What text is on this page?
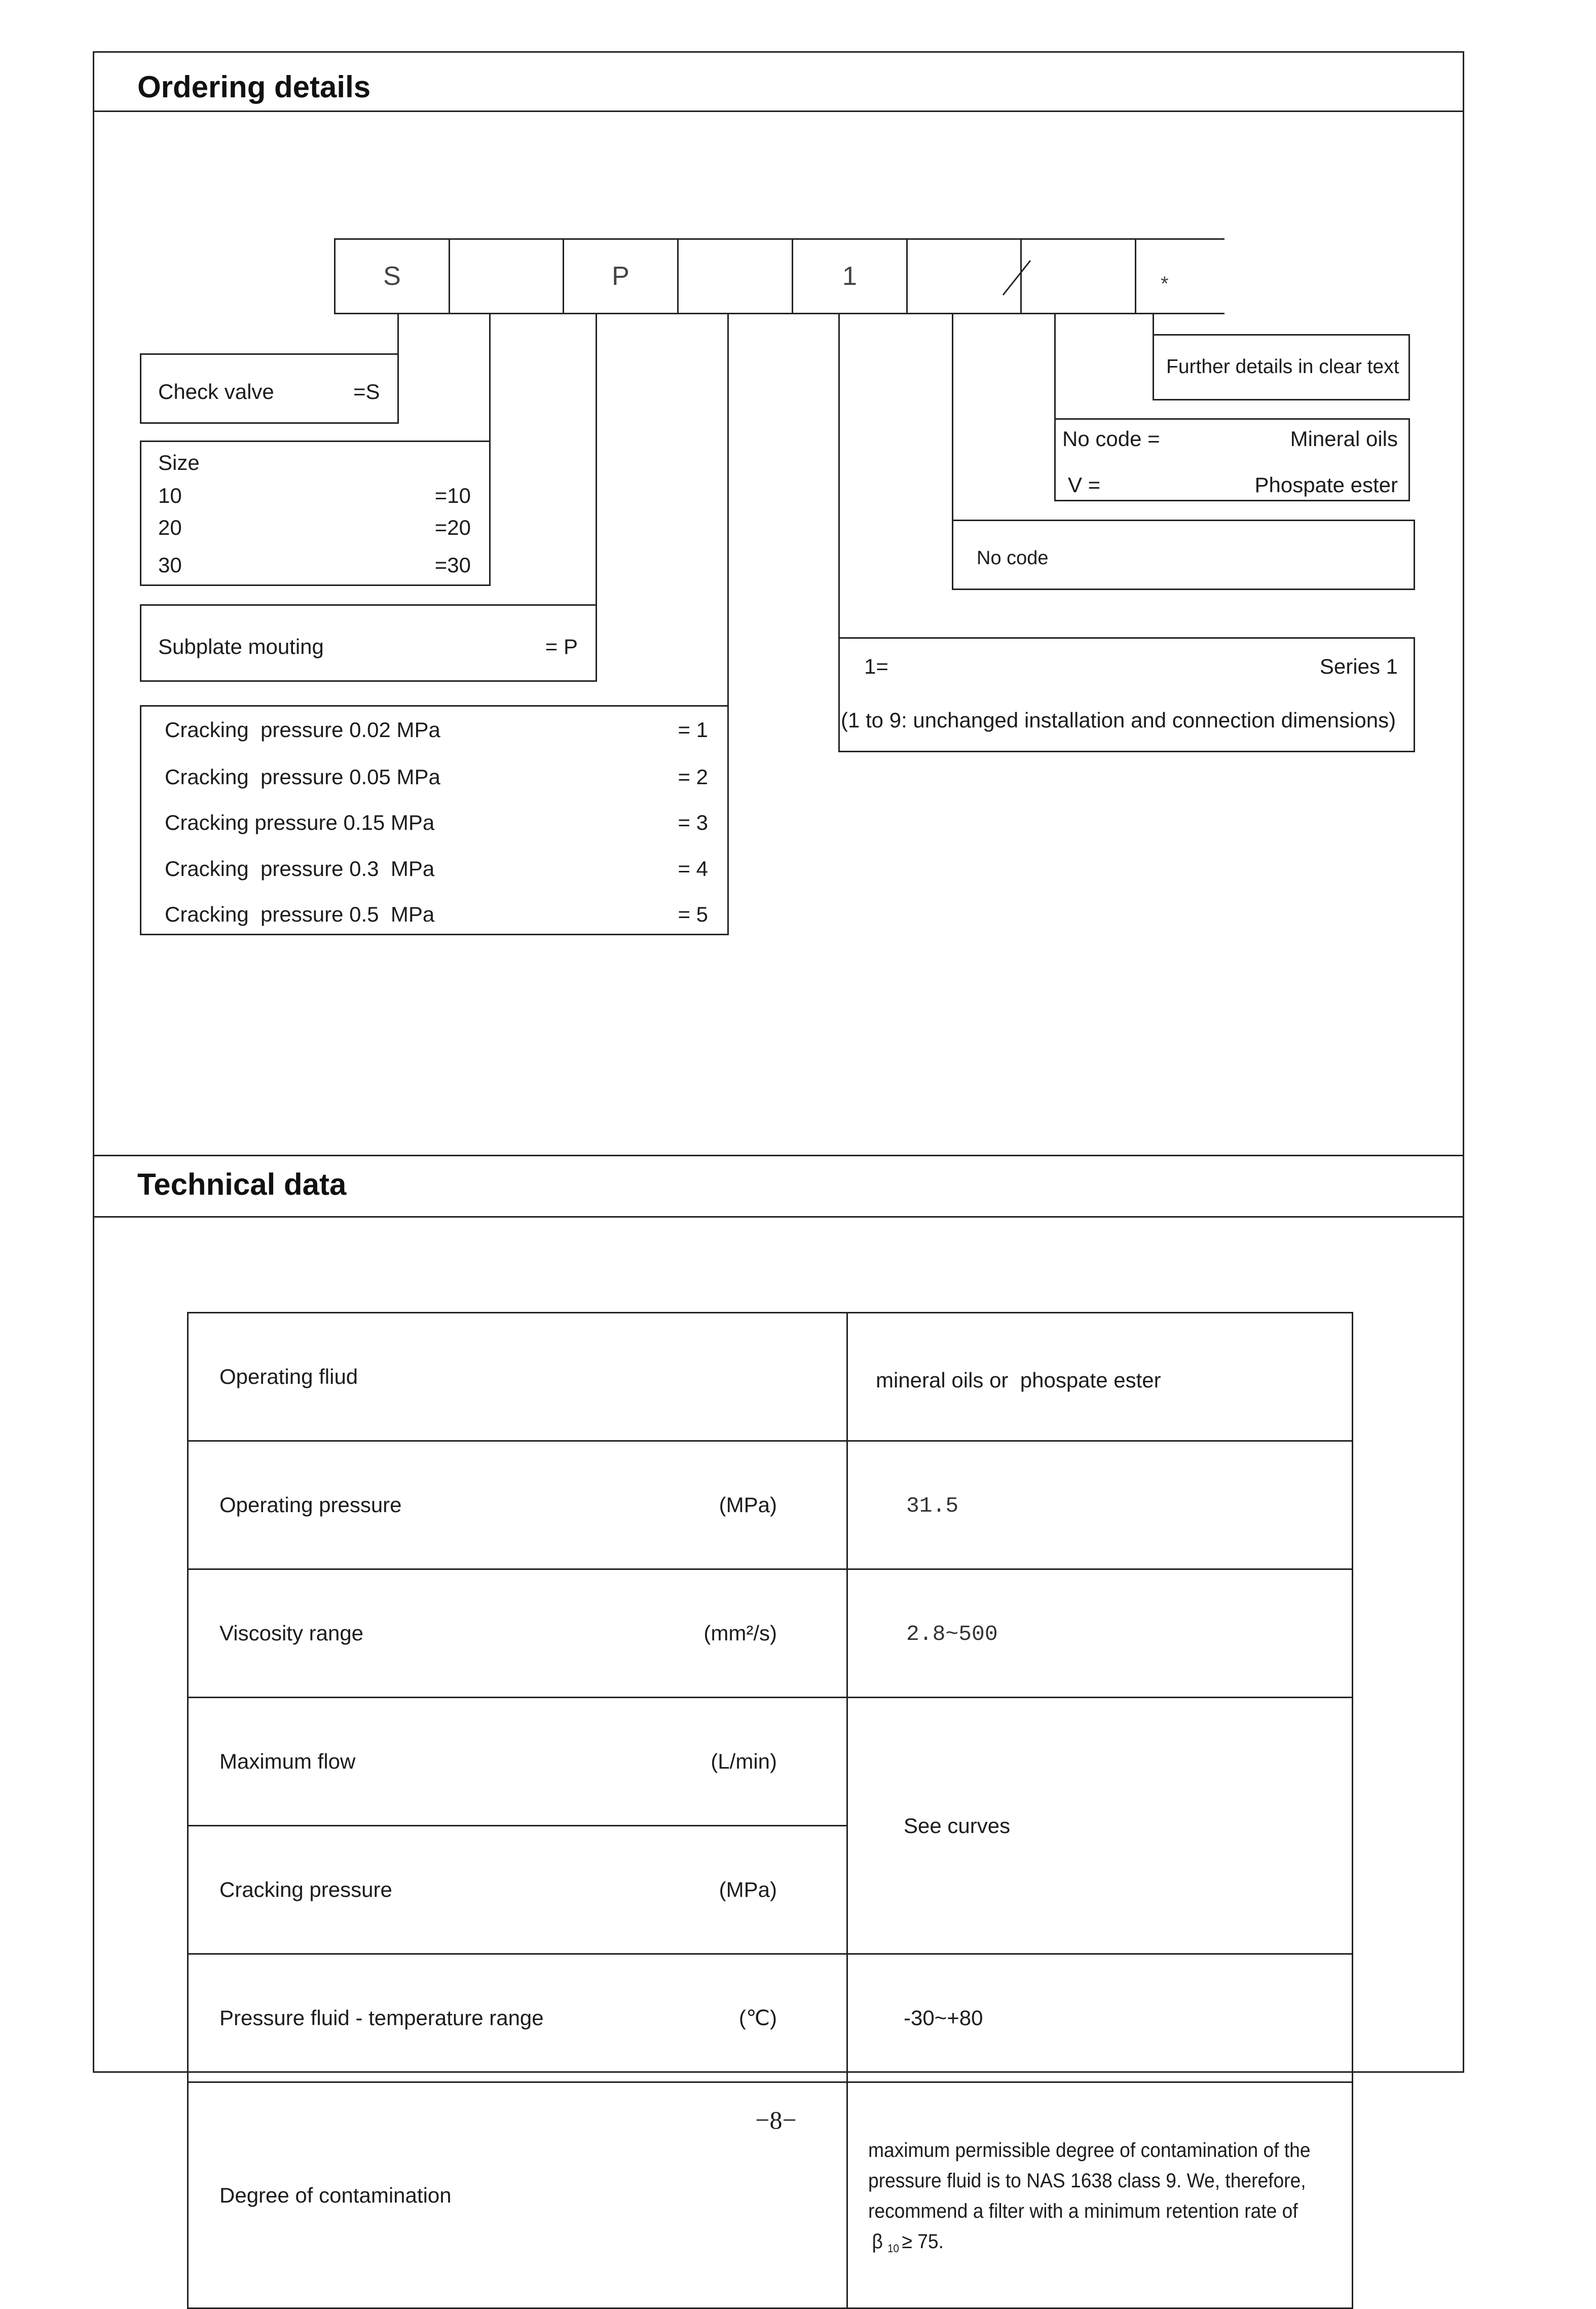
Ordering details
Technical data
S	P	1	*
Check valve	=S
Size
10	=10
20	=20
30	=30
Subplate mouting	= P
Cracking  pressure 0.02 MPa	= 1
Cracking  pressure 0.05 MPa	= 2
Cracking pressure 0.15 MPa	= 3
Cracking  pressure 0.3  MPa	= 4
Cracking  pressure 0.5  MPa	= 5
Further details in clear text
No code =	Mineral oils
V =	Phospate ester
No code
1=	Series 1
(1 to 9: unchanged installation and connection dimensions)

Operating fliud	mineral oils or  phospate ester

Operating pressure (MPa)	31.5

Viscosity range (mm²/s)	2.8~500

Maximum flow (L/min)	See curves

Cracking pressure (MPa)	

Pressure fluid - temperature range (℃)	-30~+80

Degree of contamination	maximum permissible degree of contamination of the
pressure fluid is to NAS 1638 class 9. We, therefore,
recommend a filter with a minimum retention rate of
β $_{10}$ ≥ 75.

−8−
